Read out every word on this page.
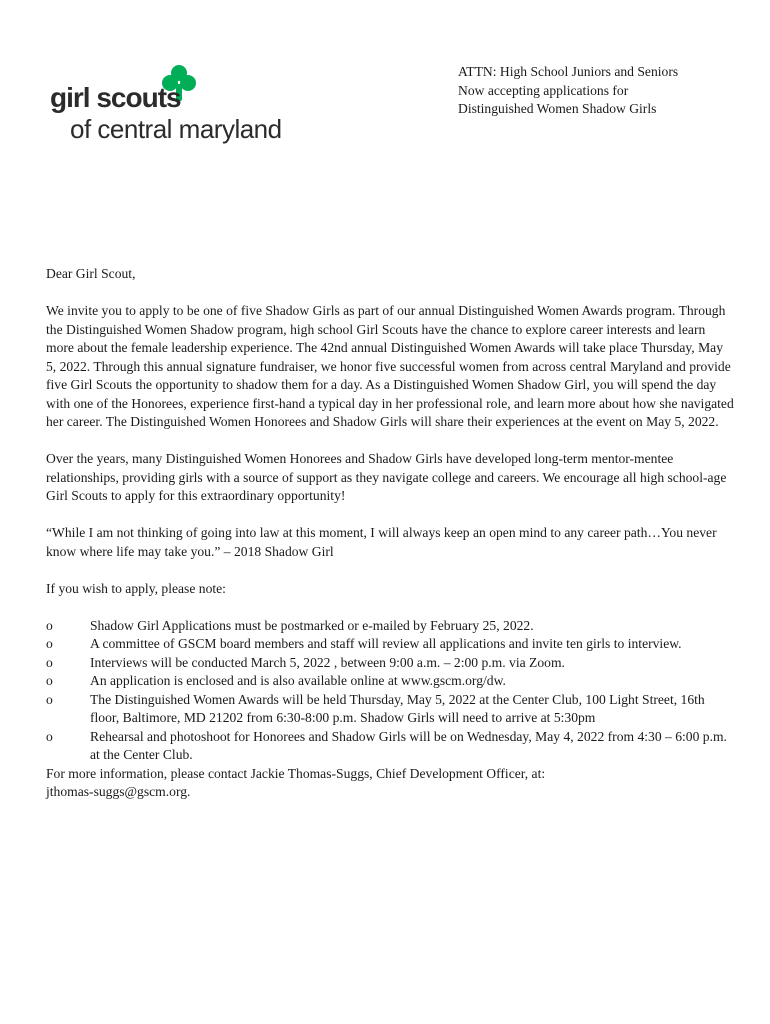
girl scouts
of central maryland
ATTN: High School Juniors and Seniors
Now accepting applications for
Distinguished Women Shadow Girls

Dear Girl Scout,

We invite you to apply to be one of five Shadow Girls as part of our annual Distinguished Women Awards program. Through the Distinguished Women Shadow program, high school Girl Scouts have the chance to explore career interests and learn more about the female leadership experience. The 42nd annual Distinguished Women Awards will take place Thursday, May 5, 2022. Through this annual signature fundraiser, we honor five successful women from across central Maryland and provide five Girl Scouts the opportunity to shadow them for a day. As a Distinguished Women Shadow Girl, you will spend the day with one of the Honorees, experience first-hand a typical day in her professional role, and learn more about how she navigated her career. The Distinguished Women Honorees and Shadow Girls will share their experiences at the event on May 5, 2022.

Over the years, many Distinguished Women Honorees and Shadow Girls have developed long-term mentor-mentee relationships, providing girls with a source of support as they navigate college and careers. We encourage all high school-age Girl Scouts to apply for this extraordinary opportunity!

“While I am not thinking of going into law at this moment, I will always keep an open mind to any career path…You never know where life may take you.” – 2018 Shadow Girl

If you wish to apply, please note:

o	Shadow Girl Applications must be postmarked or e-mailed by February 25, 2022.
o	A committee of GSCM board members and staff will review all applications and invite ten girls to interview.
o	Interviews will be conducted March 5, 2022 , between 9:00 a.m. – 2:00 p.m. via Zoom.
o	An application is enclosed and is also available online at www.gscm.org/dw.
o	The Distinguished Women Awards will be held Thursday, May 5, 2022 at the Center Club, 100 Light Street, 16th floor, Baltimore, MD 21202 from 6:30-8:00 p.m. Shadow Girls will need to arrive at 5:30pm
o	Rehearsal and photoshoot for Honorees and Shadow Girls will be on Wednesday, May 4, 2022 from 4:30 – 6:00 p.m. at the Center Club.

For more information, please contact Jackie Thomas-Suggs, Chief Development Officer, at:

jthomas-suggs@gscm.org.
